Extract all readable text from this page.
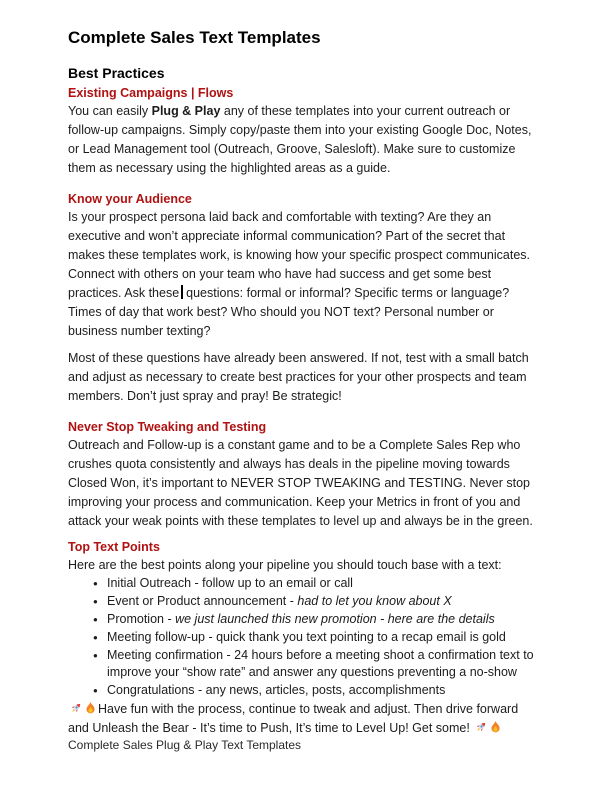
Complete Sales Text Templates
Best Practices
Existing Campaigns | Flows

You can easily Plug & Play any of these templates into your current outreach or follow-up campaigns. Simply copy/paste them into your existing Google Doc, Notes, or Lead Management tool (Outreach, Groove, Salesloft). Make sure to customize them as necessary using the highlighted areas as a guide.

Know your Audience

Is your prospect persona laid back and comfortable with texting? Are they an executive and won’t appreciate informal communication? Part of the secret that makes these templates work, is knowing how your specific prospect communicates. Connect with others on your team who have had success and get some best practices. Ask these questions: formal or informal? Specific terms or language? Times of day that work best? Who should you NOT text? Personal number or business number texting?

Most of these questions have already been answered. If not, test with a small batch and adjust as necessary to create best practices for your other prospects and team members. Don’t just spray and pray! Be strategic!

Never Stop Tweaking and Testing

Outreach and Follow-up is a constant game and to be a Complete Sales Rep who crushes quota consistently and always has deals in the pipeline moving towards Closed Won, it’s important to NEVER STOP TWEAKING and TESTING. Never stop improving your process and communication. Keep your Metrics in front of you and attack your weak points with these templates to level up and always be in the green.

Top Text Points

Here are the best points along your pipeline you should touch base with a text:

● Initial Outreach - follow up to an email or call
● Event or Product announcement - had to let you know about X
● Promotion - we just launched this new promotion - here are the details
● Meeting follow-up - quick thank you text pointing to a recap email is gold
● Meeting confirmation - 24 hours before a meeting shoot a confirmation text to improve your “show rate” and answer any questions preventing a no-show
● Congratulations - any news, articles, posts, accomplishments

Have fun with the process, continue to tweak and adjust. Then drive forward and Unleash the Bear - It’s time to Push, It’s time to Level Up! Get some!

Complete Sales Plug & Play Text Templates
